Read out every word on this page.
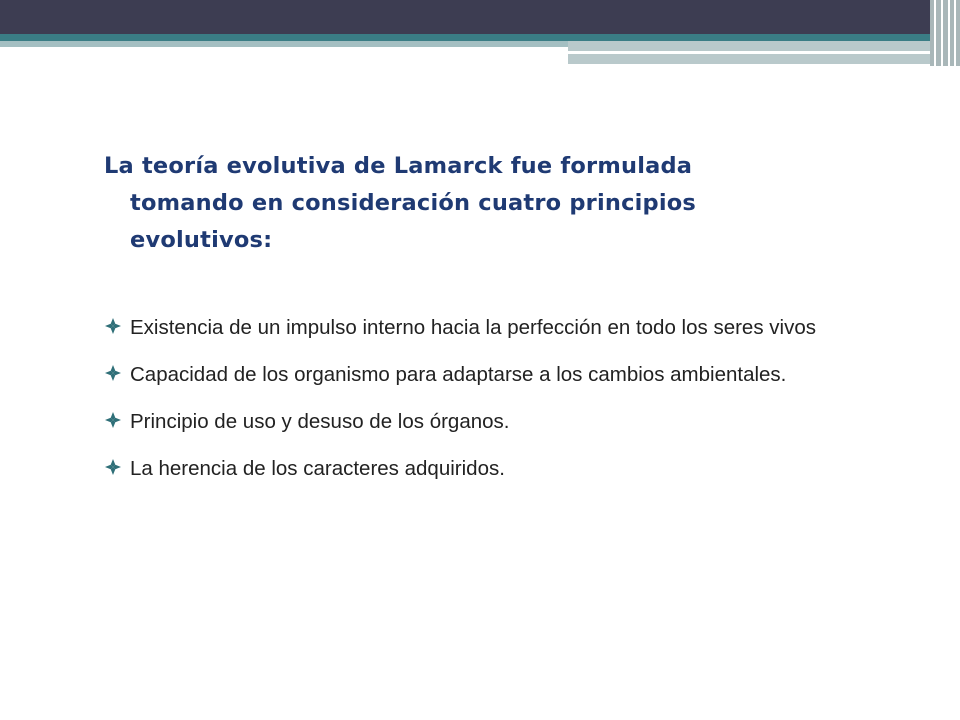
La teoría evolutiva de Lamarck fue formulada
tomando en consideración cuatro principios
evolutivos:
Existencia de un impulso interno hacia la perfección en todo los seres vivos
Capacidad de los organismo para adaptarse a los cambios ambientales.
Principio de uso y desuso de los órganos.
La herencia de los caracteres adquiridos.
